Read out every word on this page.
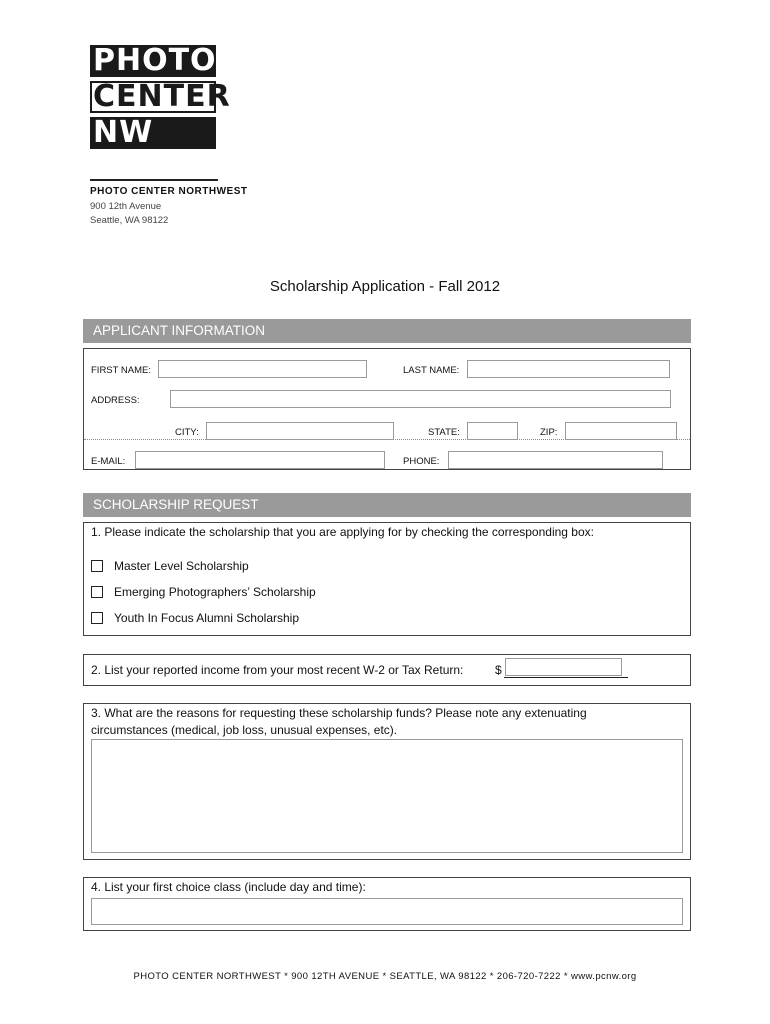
PHOTO
CENTER
NW
PHOTO CENTER NORTHWEST
900 12th Avenue
Seattle, WA 98122
Scholarship Application - Fall 2012
APPLICANT INFORMATION
FIRST NAME:	LAST NAME:
ADDRESS:
CITY:	STATE:	ZIP:
E-MAIL:	PHONE:
SCHOLARSHIP REQUEST
1. Please indicate the scholarship that you are applying for by checking the corresponding box:
Master Level Scholarship
Emerging Photographers’ Scholarship
Youth In Focus Alumni Scholarship
2. List your reported income from your most recent W-2 or Tax Return:	$
3. What are the reasons for requesting these scholarship funds? Please note any extenuating
circumstances (medical, job loss, unusual expenses, etc).
4. List your first choice class (include day and time):
PHOTO CENTER NORTHWEST * 900 12TH AVENUE * SEATTLE, WA 98122 * 206-720-7222 * www.pcnw.org
